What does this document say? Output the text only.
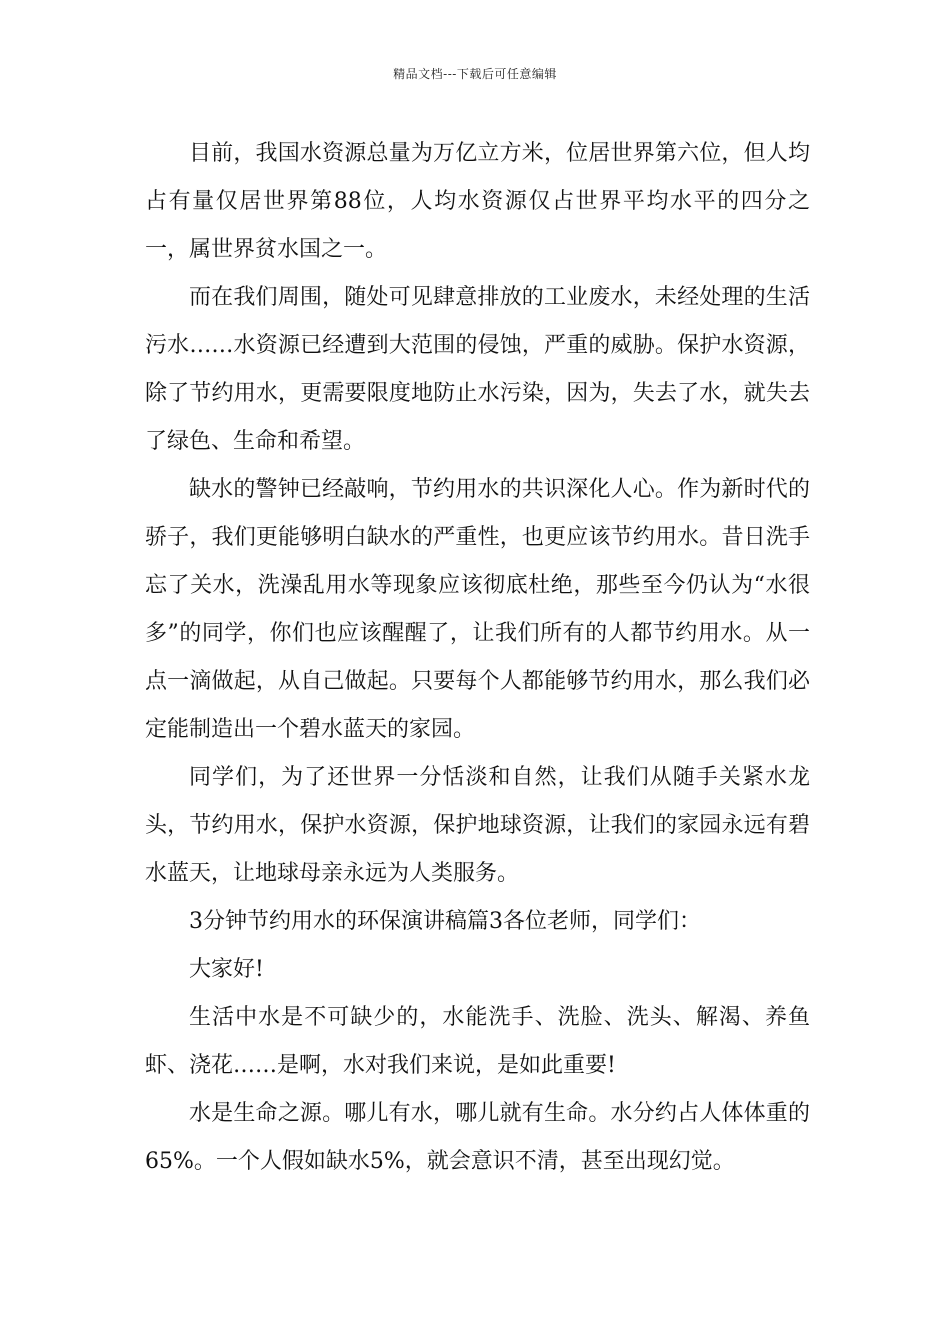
精品文档---下载后可任意编辑

目前，我国水资源总量为万亿立方米，位居世界第六位，但人均占有量仅居世界第88位，人均水资源仅占世界平均水平的四分之一，属世界贫水国之一。

而在我们周围，随处可见肆意排放的工业废水，未经处理的生活污水……水资源已经遭到大范围的侵蚀，严重的威胁。保护水资源，除了节约用水，更需要限度地防止水污染，因为，失去了水，就失去了绿色、生命和希望。

缺水的警钟已经敲响，节约用水的共识深化人心。作为新时代的骄子，我们更能够明白缺水的严重性，也更应该节约用水。昔日洗手忘了关水，洗澡乱用水等现象应该彻底杜绝，那些至今仍认为“水很多”的同学，你们也应该醒醒了，让我们所有的人都节约用水。从一点一滴做起，从自己做起。只要每个人都能够节约用水，那么我们必定能制造出一个碧水蓝天的家园。

同学们，为了还世界一分恬淡和自然，让我们从随手关紧水龙头，节约用水，保护水资源，保护地球资源，让我们的家园永远有碧水蓝天，让地球母亲永远为人类服务。

3分钟节约用水的环保演讲稿篇3各位老师，同学们：

大家好!

生活中水是不可缺少的，水能洗手、洗脸、洗头、解渴、养鱼虾、浇花……是啊，水对我们来说，是如此重要!

水是生命之源。哪儿有水，哪儿就有生命。水分约占人体体重的65%。一个人假如缺水5%，就会意识不清，甚至出现幻觉。
